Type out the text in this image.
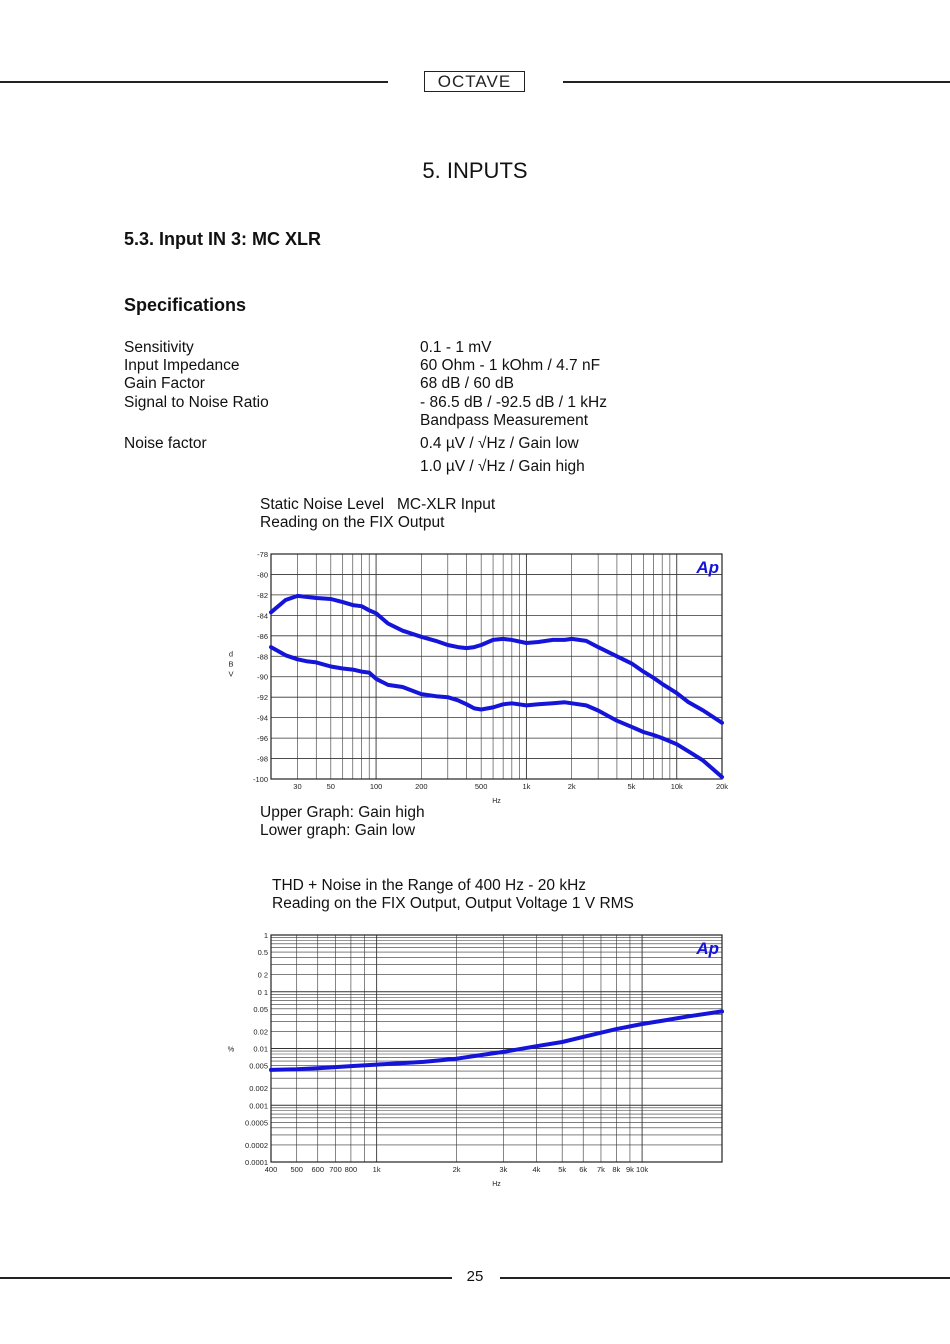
OCTAVE
5. INPUTS
5.3. Input IN 3: MC XLR
Specifications
Sensitivity	0.1 - 1 mV
Input Impedance	60 Ohm - 1 kOhm / 4.7 nF
Gain Factor	68 dB / 60 dB
Signal to Noise Ratio	- 86.5 dB / -92.5 dB / 1 kHz
Bandpass Measurement
Noise factor	0.4 µV / √Hz / Gain low
1.0 µV / √Hz / Gain high
Static Noise Level   MC-XLR Input
Reading on the FIX Output
-78
-80
-82
-84
-86
-88
-90
-92
-94
-96
-98
-100
30	50	100	200	500	1k	2k	5k	10k	20k
Hz
d
B
V
Ap
Upper Graph: Gain high
Lower graph: Gain low
THD + Noise in the Range of 400 Hz - 20 kHz
Reading on the FIX Output, Output Voltage 1 V RMS
1
0.5
0 2
0 1
0.05
0.02
0.01
0.005
0.002
0.001
0.0005
0.0002
0.0001
400 500 600 700 800 1k	2k	3k	4k 5k 6k 7k 8k 9k 10k
Hz
%
Ap
25
